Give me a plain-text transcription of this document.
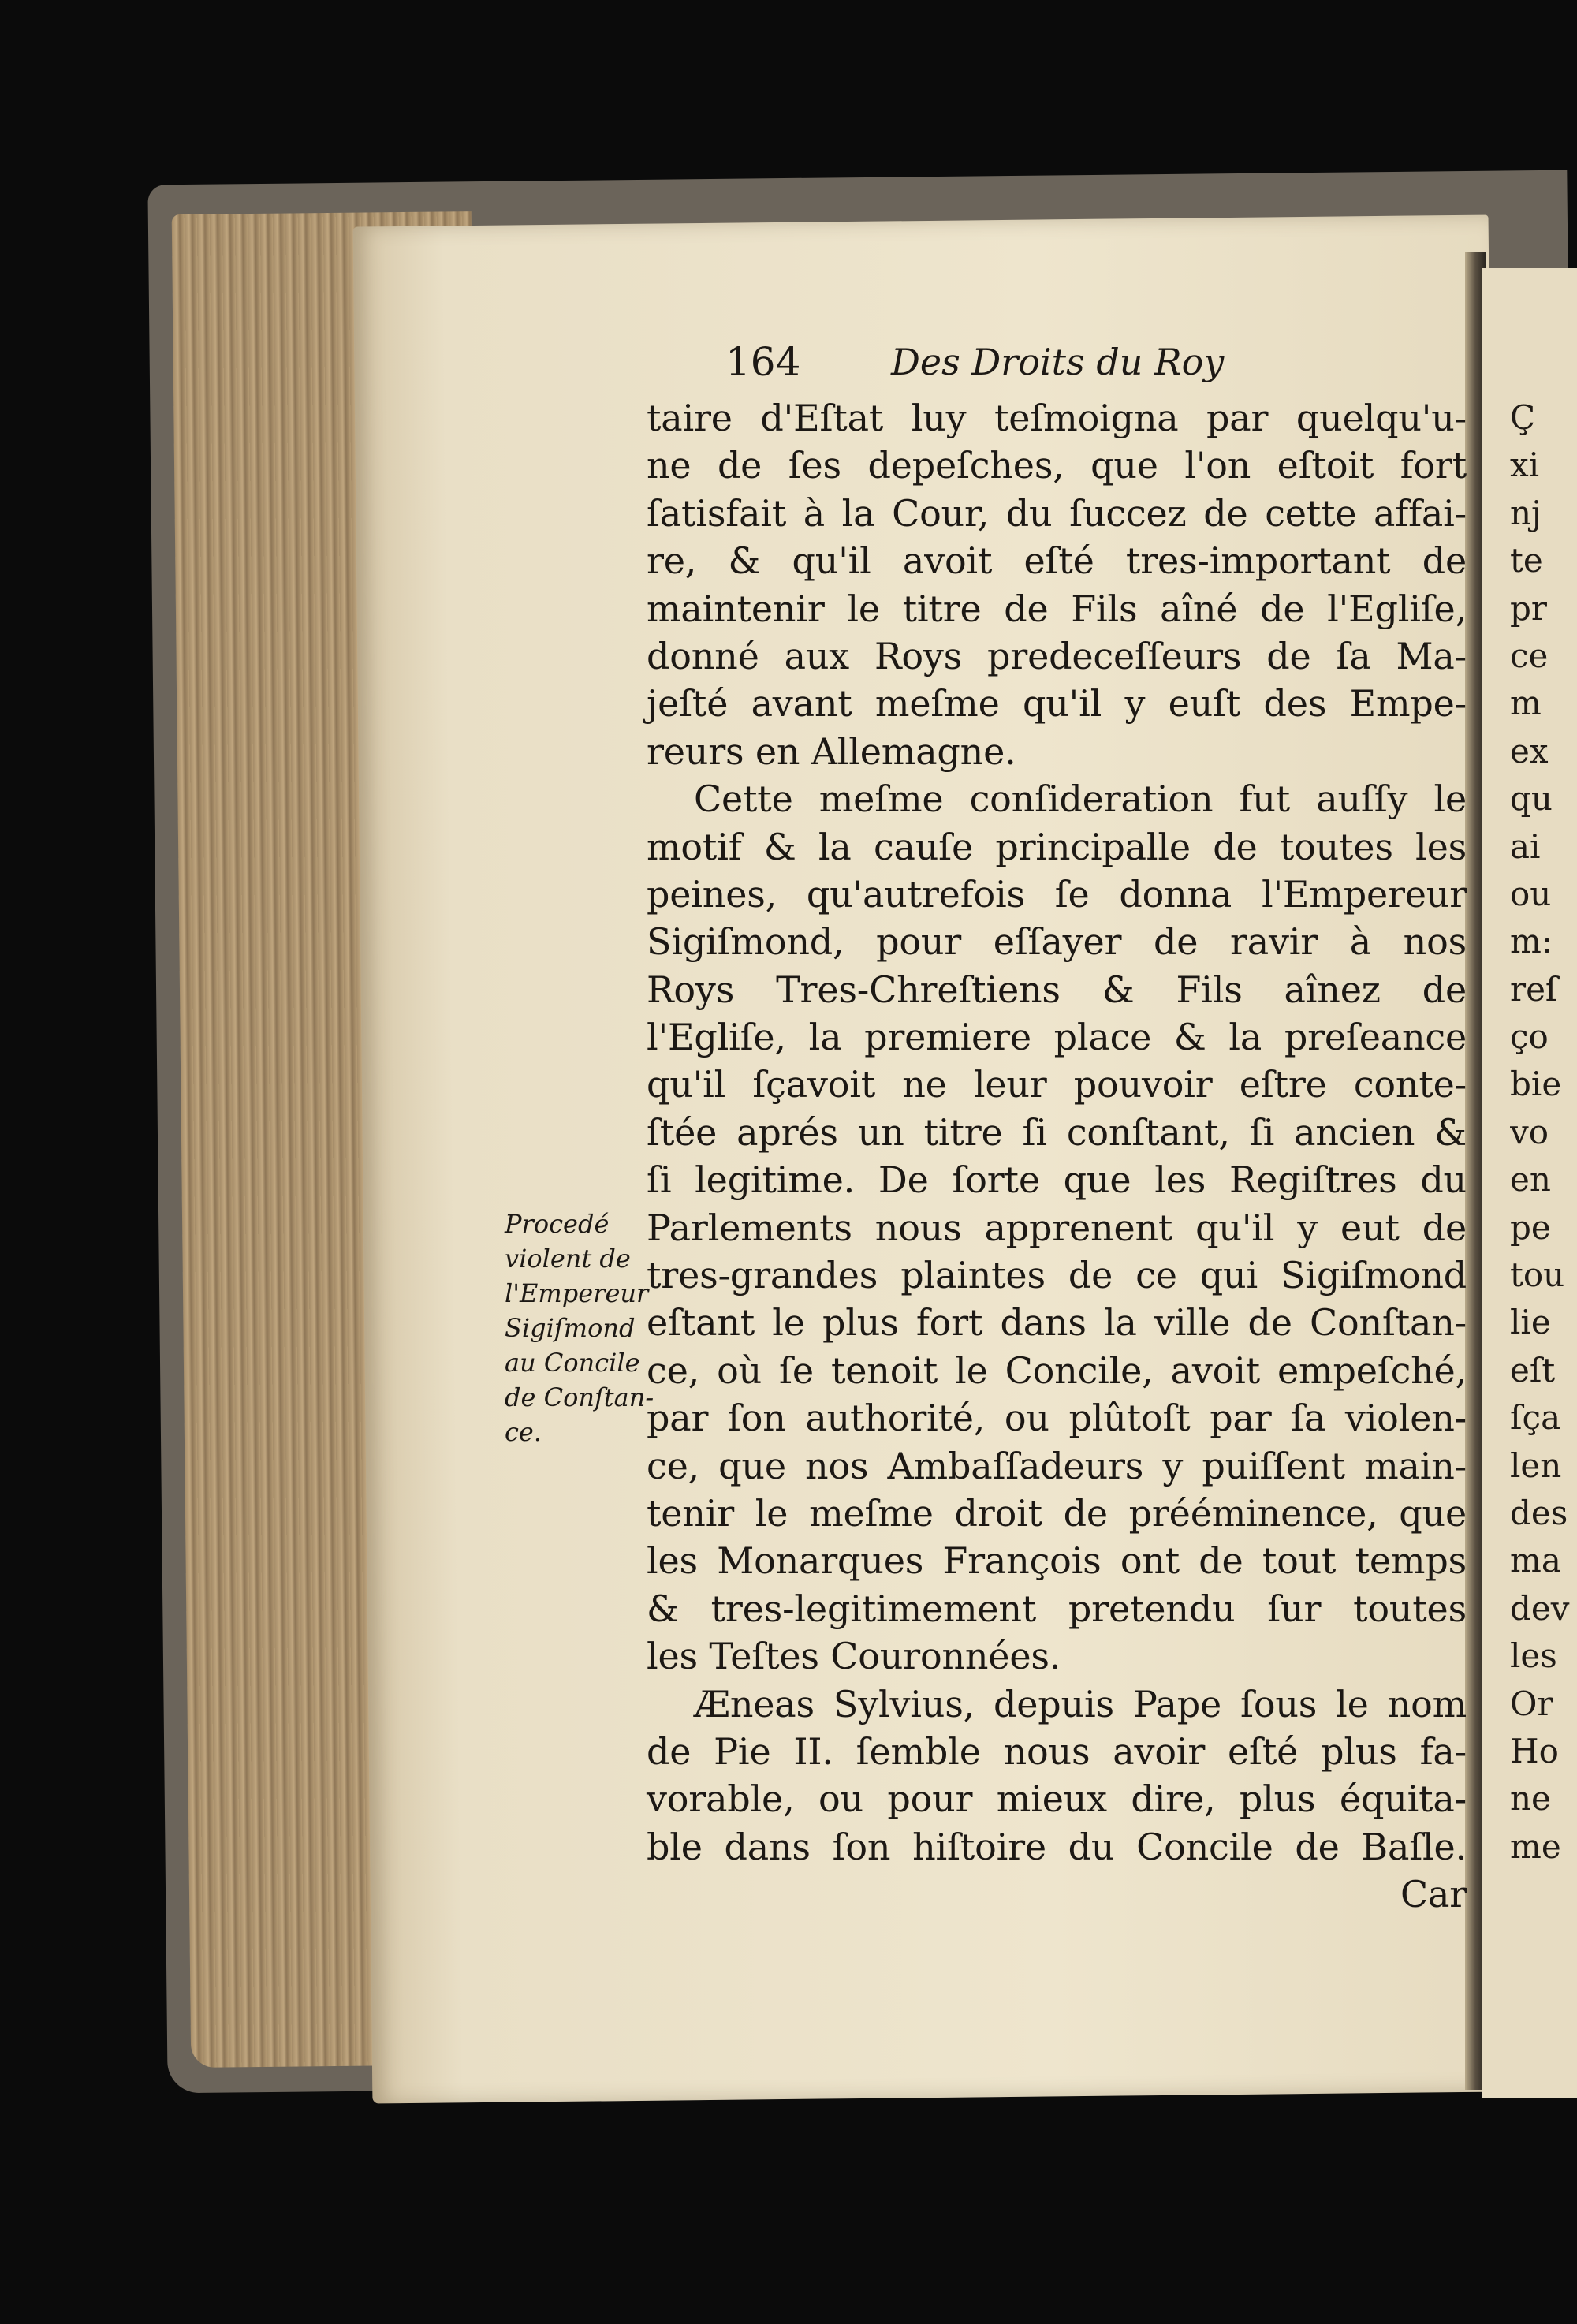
164 Des Droits du Roy
taire d'Eſtat luy teſmoigna par quelqu'u-
ne de ſes depeſches, que l'on eſtoit fort
ſatisfait à la Cour, du ſuccez de cette affai-
re, & qu'il avoit eſté tres-important de
maintenir le titre de Fils aîné de l'Egliſe,
donné aux Roys predeceſſeurs de ſa Ma-
jeſté avant meſme qu'il y euſt des Empe-
reurs en Allemagne.
Cette meſme conſideration fut auſſy le
motif & la cauſe principalle de toutes les
peines, qu'autrefois ſe donna l'Empereur
Sigiſmond, pour eſſayer de ravir à nos
Roys Tres-Chreſtiens & Fils aînez de
l'Egliſe, la premiere place & la preſeance
qu'il ſçavoit ne leur pouvoir eſtre conte-
ſtée aprés un titre ſi conſtant, ſi ancien &
ſi legitime. De ſorte que les Regiſtres du
Parlements nous apprenent qu'il y eut de
tres-grandes plaintes de ce qui Sigiſmond
eſtant le plus fort dans la ville de Conſtan-
ce, où ſe tenoit le Concile, avoit empeſché,
par ſon authorité, ou plûtoſt par ſa violen-
ce, que nos Ambaſſadeurs y puiſſent main-
tenir le meſme droit de prééminence, que
les Monarques François ont de tout temps
& tres-legitimement pretendu ſur toutes
les Teſtes Couronnées.
Æneas Sylvius, depuis Pape ſous le nom
de Pie II. ſemble nous avoir eſté plus fa-
vorable, ou pour mieux dire, plus équita-
ble dans ſon hiſtoire du Concile de Baſle.
Car
Procedé
violent de
l'Empereur
Sigiſmond
au Concile
de Conſtan-
ce.
Ç
xi
nj
te
pr
ce
m
ex
qu
ai
ou
m:
reſ
ço
bie
vo
en
pe
tou
lie
eſt
ſça
len
des
ma
dev
les
Or
Ho
ne
me
